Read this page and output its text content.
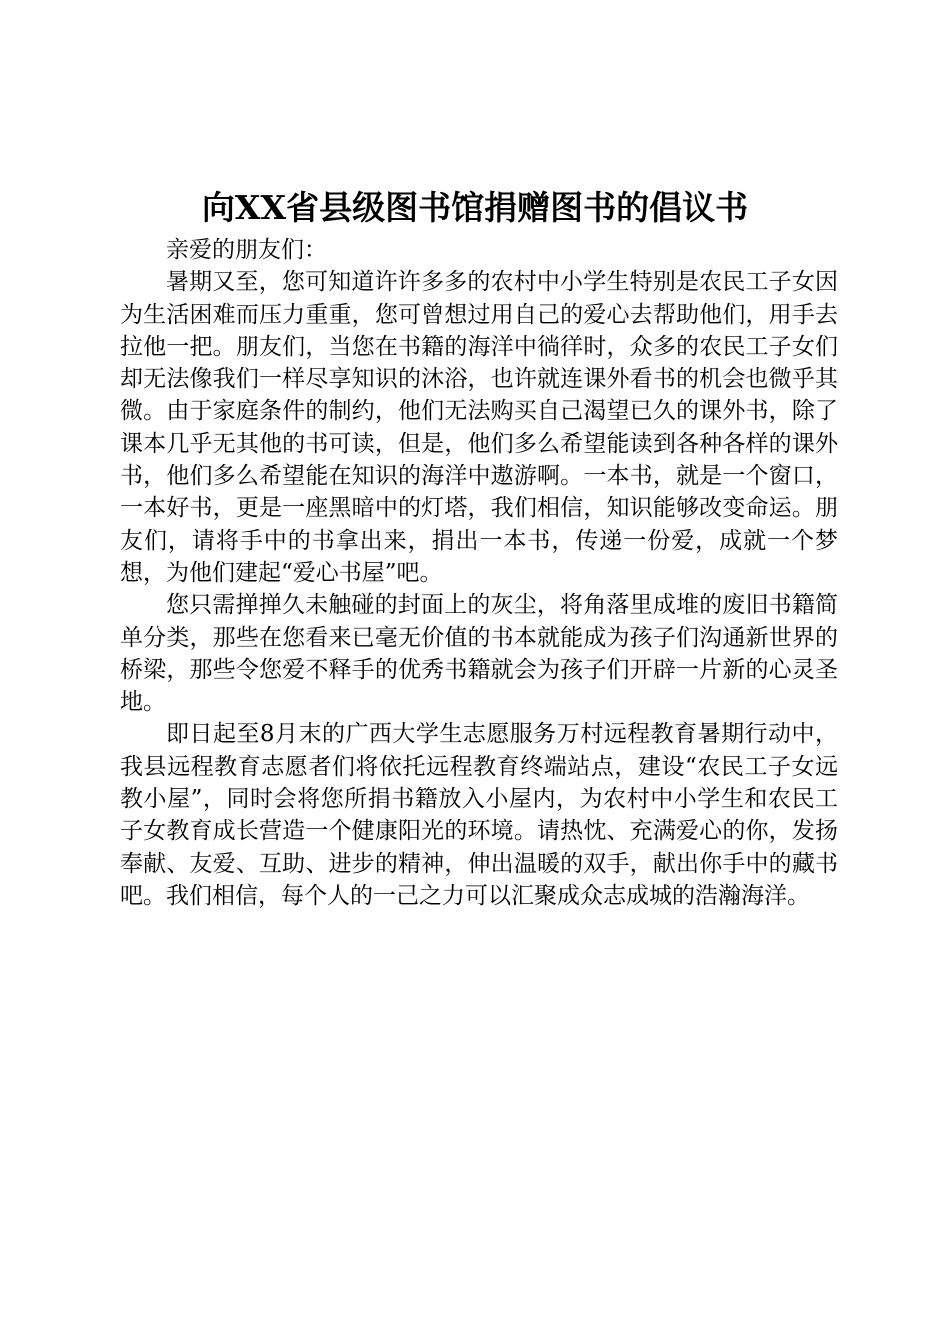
向XX省县级图书馆捐赠图书的倡议书

亲爱的朋友们：

暑期又至，您可知道许许多多的农村中小学生特别是农民工子女因为生活困难而压力重重，您可曾想过用自己的爱心去帮助他们，用手去拉他一把。朋友们，当您在书籍的海洋中徜徉时，众多的农民工子女们却无法像我们一样尽享知识的沐浴，也许就连课外看书的机会也微乎其微。由于家庭条件的制约，他们无法购买自己渴望已久的课外书，除了课本几乎无其他的书可读，但是，他们多么希望能读到各种各样的课外书，他们多么希望能在知识的海洋中遨游啊。一本书，就是一个窗口，一本好书，更是一座黑暗中的灯塔，我们相信，知识能够改变命运。朋友们，请将手中的书拿出来，捐出一本书，传递一份爱，成就一个梦想，为他们建起“爱心书屋”吧。

您只需掸掸久未触碰的封面上的灰尘，将角落里成堆的废旧书籍简单分类，那些在您看来已毫无价值的书本就能成为孩子们沟通新世界的桥梁，那些令您爱不释手的优秀书籍就会为孩子们开辟一片新的心灵圣地。

即日起至8月末的广西大学生志愿服务万村远程教育暑期行动中，我县远程教育志愿者们将依托远程教育终端站点，建设“农民工子女远教小屋”，同时会将您所捐书籍放入小屋内，为农村中小学生和农民工子女教育成长营造一个健康阳光的环境。请热忱、充满爱心的你，发扬奉献、友爱、互助、进步的精神，伸出温暖的双手，献出你手中的藏书吧。我们相信，每个人的一己之力可以汇聚成众志成城的浩瀚海洋。
